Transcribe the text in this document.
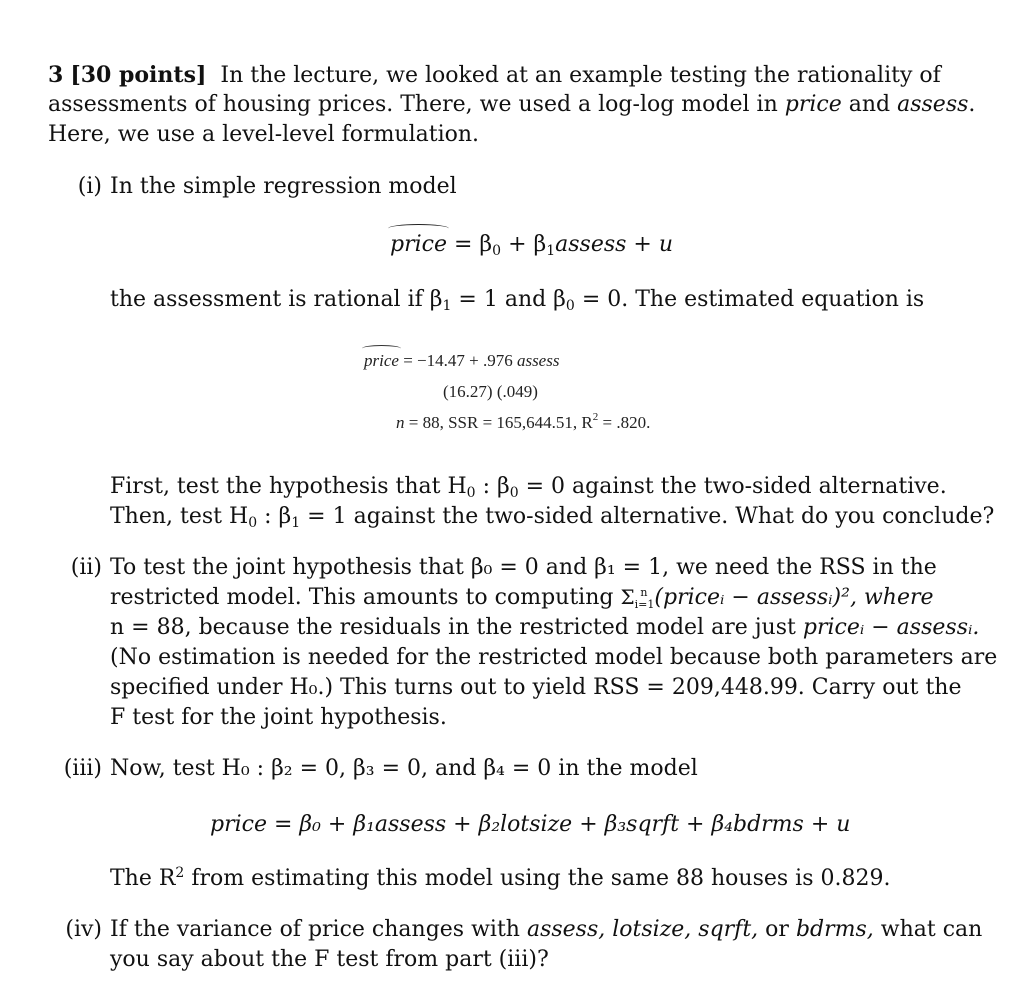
3 [30 points] In the lecture, we looked at an example testing the rationality of
assessments of housing prices. There, we used a log-log model in price and assess.
Here, we use a level-level formulation.
(i) In the simple regression model
price = $\beta_0$ + $\beta_1assess + u$
the assessment is rational if $\beta_1 = 1$ and $\beta_0 = 0$. The estimated equation is
price = −14.47 + .976 assess
(16.27) (.049)
n = 88, SSR = 165,644.51, $R^2 = .820$.
First, test the hypothesis that $H_0$ : $\beta_0 = 0$ against the two-sided alternative.
Then, test $H_0$ : $\beta_1 = 1$ against the two-sided alternative. What do you conclude?
(ii) To test the joint hypothesis that β₀ = 0 and β₁ = 1, we need the RSS in the
restricted model. This amounts to computing $\Sigma_{i=1}^n$ (priceᵢ − assessᵢ)², where
n = 88, because the residuals in the restricted model are just priceᵢ − assessᵢ.
(No estimation is needed for the restricted model because both parameters are
specified under H₀.) This turns out to yield RSS = 209,448.99. Carry out the
F test for the joint hypothesis.
(iii) Now, test H₀ : β₂ = 0, β₃ = 0, and β₄ = 0 in the model
price = β₀ + β₁assess + β₂lotsize + β₃sqrft + β₄bdrms + u
The $R^2$ from estimating this model using the same 88 houses is 0.829.
(iv) If the variance of price changes with assess, lotsize, sqrft, or bdrms, what can
you say about the F test from part (iii)?
